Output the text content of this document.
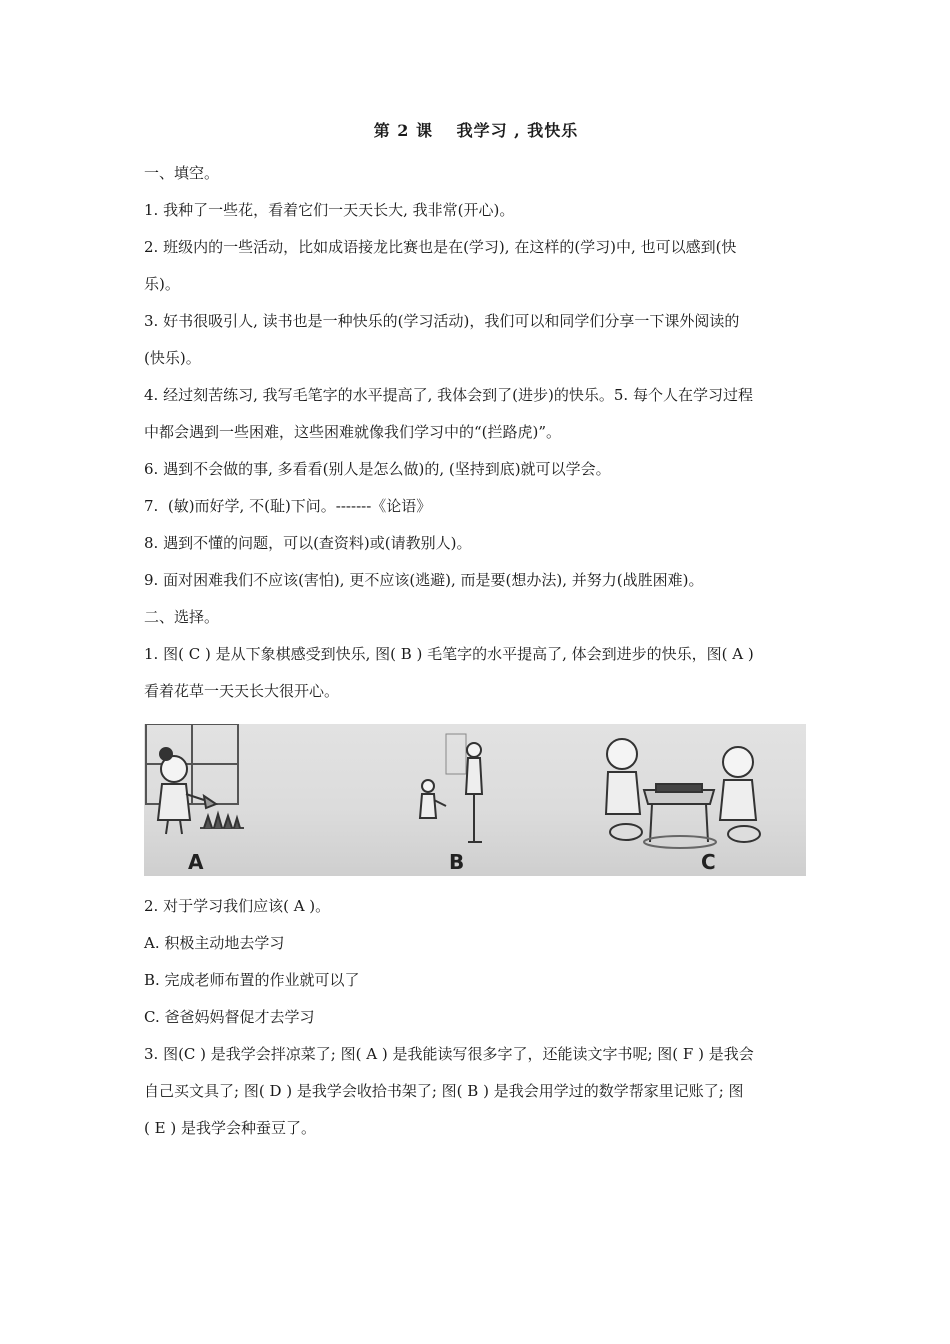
第 2 课　 我学习 , 我快乐

一、填空。

1. 我种了一些花，看着它们一天天长大, 我非常(开心)。

2. 班级内的一些活动，比如成语接龙比赛也是在(学习), 在这样的(学习)中, 也可以感到(快

乐)。

3. 好书很吸引人, 读书也是一种快乐的(学习活动)，我们可以和同学们分享一下课外阅读的

(快乐)。

4. 经过刻苦练习, 我写毛笔字的水平提高了, 我体会到了(进步)的快乐。5. 每个人在学习过程

中都会遇到一些困难，这些困难就像我们学习中的“(拦路虎)”。

6. 遇到不会做的事, 多看看(别人是怎么做)的, (坚持到底)就可以学会。

7.  (敏)而好学, 不(耻)下问。-------《论语》

8. 遇到不懂的问题，可以(查资料)或(请教别人)。

9. 面对困难我们不应该(害怕), 更不应该(逃避), 而是要(想办法), 并努力(战胜困难)。

二、选择。

1. 图( C ) 是从下象棋感受到快乐, 图( B ) 毛笔字的水平提高了, 体会到进步的快乐，图( A )

看着花草一天天长大很开心。

A	B	C

2. 对于学习我们应该( A )。

A. 积极主动地去学习

B. 完成老师布置的作业就可以了

C. 爸爸妈妈督促才去学习

3. 图(C ) 是我学会拌凉菜了; 图( A ) 是我能读写很多字了，还能读文字书呢; 图( F ) 是我会

自己买文具了; 图( D ) 是我学会收拾书架了; 图( B ) 是我会用学过的数学帮家里记账了; 图

( E ) 是我学会种蚕豆了。
